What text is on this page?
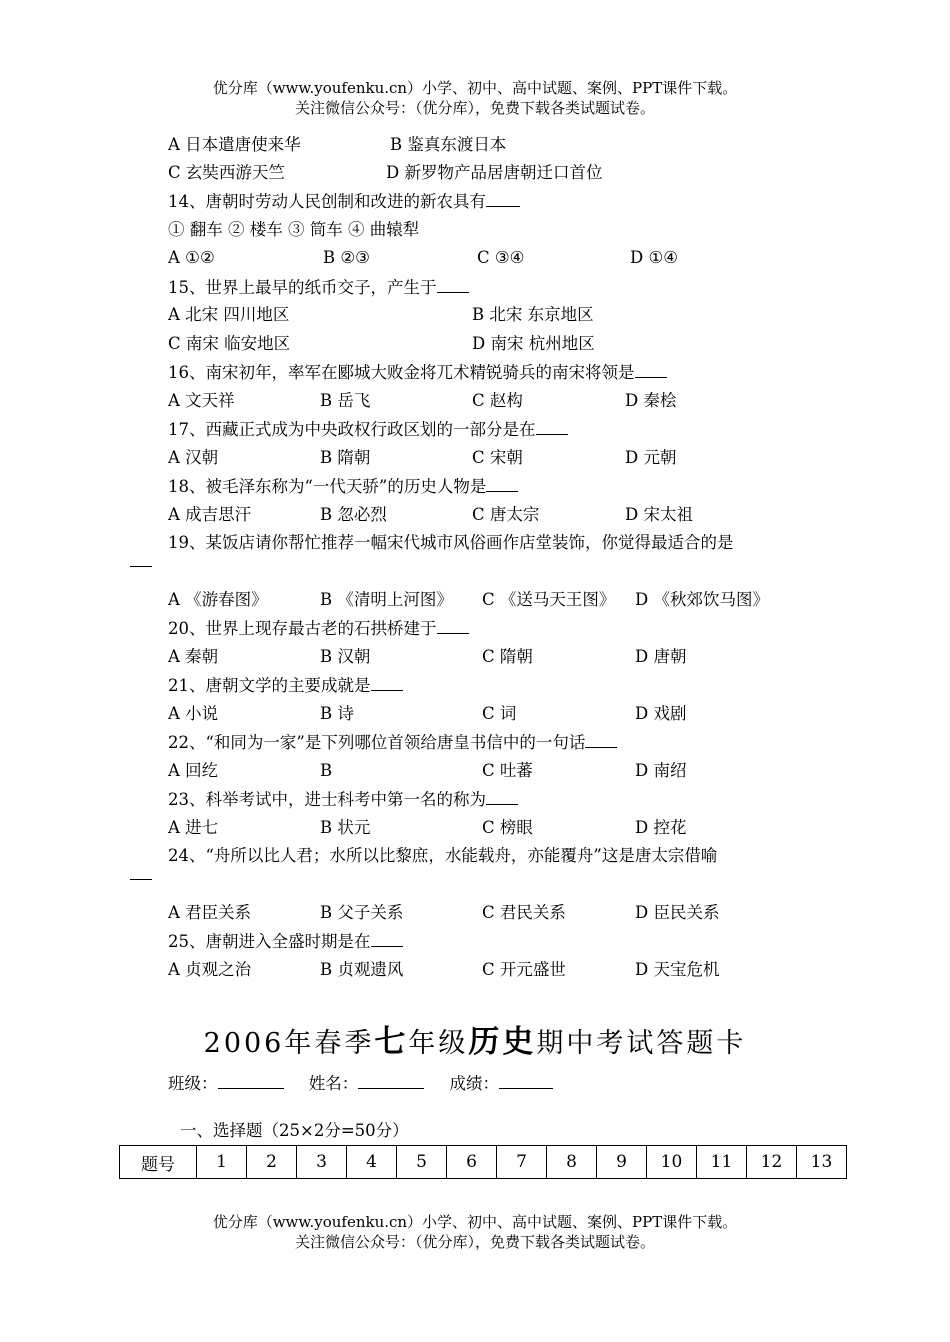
优分库（www.youfenku.cn）小学、初中、高中试题、案例、PPT课件下载。
关注微信公众号：（优分库），免费下载各类试题试卷。
A 日本遣唐使来华	B 鉴真东渡日本
C 玄奘西游天竺	D 新罗物产品居唐朝迁口首位
14、唐朝时劳动人民创制和改进的新农具有
① 翻车 ② 楼车 ③ 筒车 ④ 曲辕犁
A ①②	B ②③	C ③④	D ①④
15、世界上最早的纸币交子，产生于
A 北宋 四川地区	B 北宋 东京地区
C 南宋 临安地区	D 南宋 杭州地区
16、南宋初年，率军在郾城大败金将兀术精锐骑兵的南宋将领是
A 文天祥	B 岳飞	C 赵构	D 秦桧
17、西藏正式成为中央政权行政区划的一部分是在
A 汉朝	B 隋朝	C 宋朝	D 元朝
18、被毛泽东称为“一代天骄”的历史人物是
A 成吉思汗	B 忽必烈	C 唐太宗	D 宋太祖
19、某饭店请你帮忙推荐一幅宋代城市风俗画作店堂装饰，你觉得最适合的是
A 《游春图》	B 《清明上河图》 C 《送马天王图》 D 《秋郊饮马图》
20、世界上现存最古老的石拱桥建于
A 秦朝	B 汉朝	C 隋朝	D 唐朝
21、唐朝文学的主要成就是
A 小说	B 诗	C 词	D 戏剧
22、“和同为一家”是下列哪位首领给唐皇书信中的一句话
A 回纥	B	C 吐蕃	D 南绍
23、科举考试中，进士科考中第一名的称为
A 进七	B 状元	C 榜眼	D 控花
24、“舟所以比人君；水所以比黎庶，水能载舟，亦能覆舟”这是唐太宗借喻
A 君臣关系	B 父子关系	C 君民关系	D 臣民关系
25、唐朝进入全盛时期是在
A 贞观之治	B 贞观遗风	C 开元盛世	D 天宝危机
2006年春季七年级历史期中考试答题卡
班级：	姓名：	成绩：
一、选择题（25×2分=50分）
题号	1	2	3	4	5	6	7	8	9	10	11	12	13
优分库（www.youfenku.cn）小学、初中、高中试题、案例、PPT课件下载。
关注微信公众号：（优分库），免费下载各类试题试卷。
